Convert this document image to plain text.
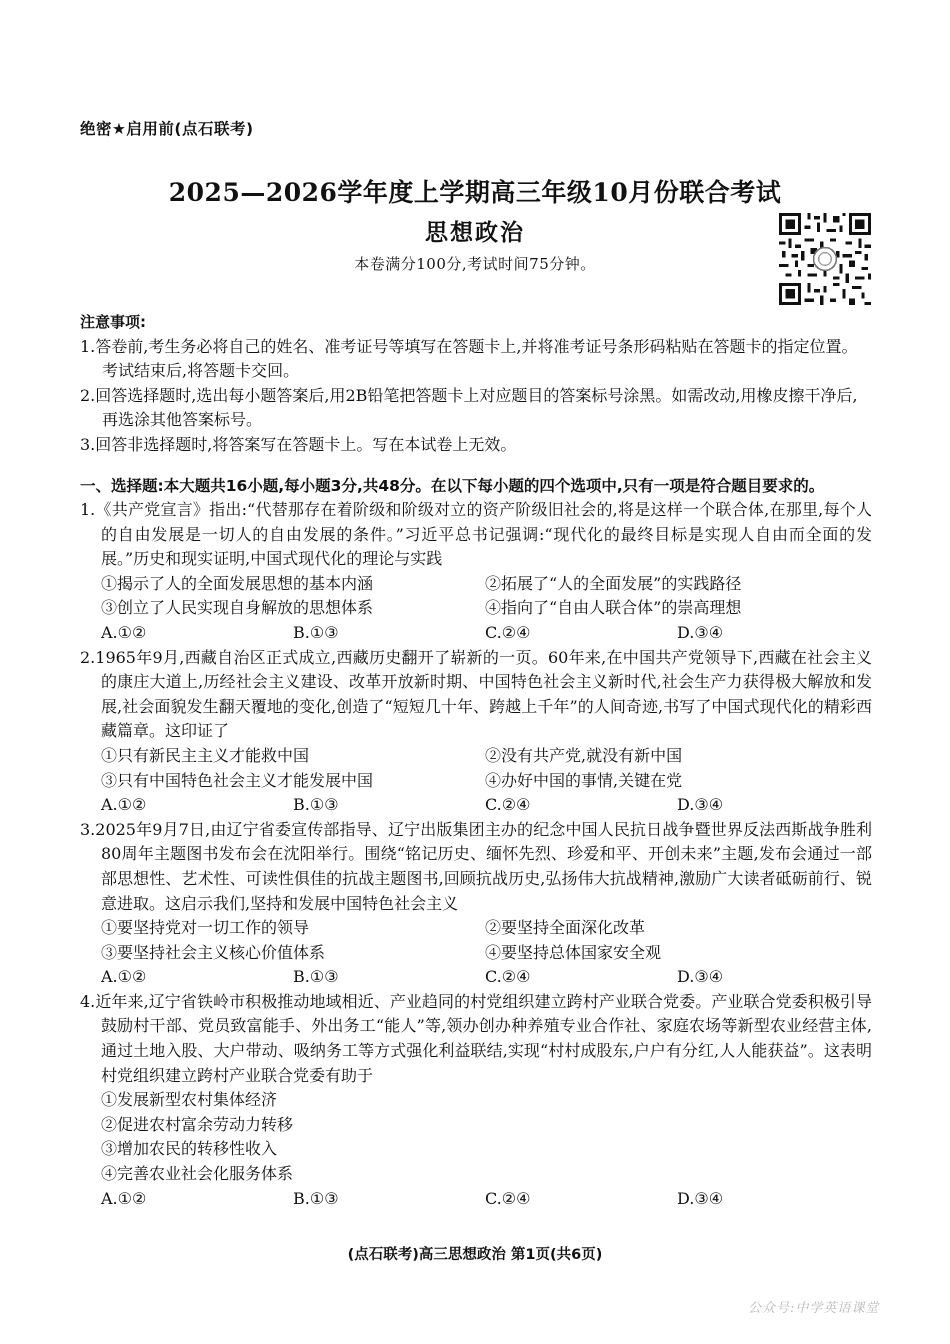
绝密★启用前(点石联考)
2025—2026学年度上学期高三年级10月份联合考试
思想政治
本卷满分100分,考试时间75分钟。
注意事项:
1.答卷前,考生务必将自己的姓名、准考证号等填写在答题卡上,并将准考证号条形码粘贴在答题卡的指定位置。考试结束后,将答题卡交回。
2.回答选择题时,选出每小题答案后,用2B铅笔把答题卡上对应题目的答案标号涂黑。如需改动,用橡皮擦干净后,再选涂其他答案标号。
3.回答非选择题时,将答案写在答题卡上。写在本试卷上无效。
一、选择题:本大题共16小题,每小题3分,共48分。在以下每小题的四个选项中,只有一项是符合题目要求的。
1.《共产党宣言》指出:“代替那存在着阶级和阶级对立的资产阶级旧社会的,将是这样一个联合体,在那里,每个人的自由发展是一切人的自由发展的条件。”习近平总书记强调:“现代化的最终目标是实现人自由而全面的发展。”历史和现实证明,中国式现代化的理论与实践
①揭示了人的全面发展思想的基本内涵	②拓展了“人的全面发展”的实践路径
③创立了人民实现自身解放的思想体系	④指向了“自由人联合体”的崇高理想
A.①②	B.①③	C.②④	D.③④
2.1965年9月,西藏自治区正式成立,西藏历史翻开了崭新的一页。60年来,在中国共产党领导下,西藏在社会主义的康庄大道上,历经社会主义建设、改革开放新时期、中国特色社会主义新时代,社会生产力获得极大解放和发展,社会面貌发生翻天覆地的变化,创造了“短短几十年、跨越上千年”的人间奇迹,书写了中国式现代化的精彩西藏篇章。这印证了
①只有新民主主义才能救中国	②没有共产党,就没有新中国
③只有中国特色社会主义才能发展中国	④办好中国的事情,关键在党
A.①②	B.①③	C.②④	D.③④
3.2025年9月7日,由辽宁省委宣传部指导、辽宁出版集团主办的纪念中国人民抗日战争暨世界反法西斯战争胜利80周年主题图书发布会在沈阳举行。围绕“铭记历史、缅怀先烈、珍爱和平、开创未来”主题,发布会通过一部部思想性、艺术性、可读性俱佳的抗战主题图书,回顾抗战历史,弘扬伟大抗战精神,激励广大读者砥砺前行、锐意进取。这启示我们,坚持和发展中国特色社会主义
①要坚持党对一切工作的领导	②要坚持全面深化改革
③要坚持社会主义核心价值体系	④要坚持总体国家安全观
A.①②	B.①③	C.②④	D.③④
4.近年来,辽宁省铁岭市积极推动地域相近、产业趋同的村党组织建立跨村产业联合党委。产业联合党委积极引导鼓励村干部、党员致富能手、外出务工“能人”等,领办创办种养殖专业合作社、家庭农场等新型农业经营主体,通过土地入股、大户带动、吸纳务工等方式强化利益联结,实现“村村成股东,户户有分红,人人能获益”。这表明村党组织建立跨村产业联合党委有助于
①发展新型农村集体经济
②促进农村富余劳动力转移
③增加农民的转移性收入
④完善农业社会化服务体系
A.①②	B.①③	C.②④	D.③④
(点石联考)高三思想政治 第1页(共6页)
公众号:中学英语课堂
